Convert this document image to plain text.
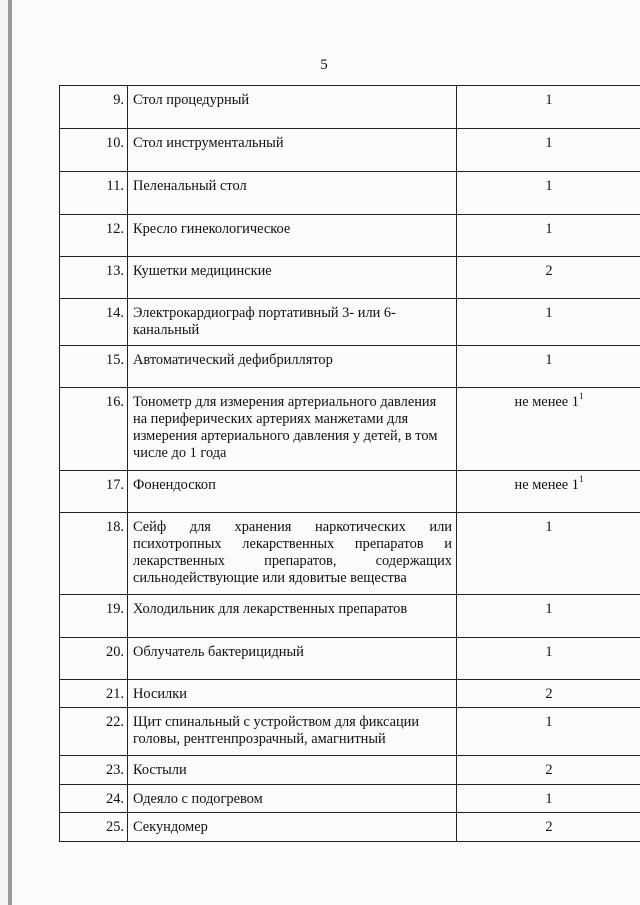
5
9.	Стол процедурный	1
10.	Стол инструментальный	1
11.	Пеленальный стол	1
12.	Кресло гинекологическое	1
13.	Кушетки медицинские	2
14.	Электрокардиограф портативный 3- или 6-канальный	1
15.	Автоматический дефибриллятор	1
16.	Тонометр для измерения артериального давления на периферических артериях манжетами для измерения артериального давления у детей, в том числе до 1 года	не менее $1^1$
17.	Фонендоскоп	не менее $1^1$
18.	Сейф для хранения наркотических или психотропных лекарственных препаратов и лекарственных препаратов, содержащих сильнодействующие или ядовитые вещества	1
19.	Холодильник для лекарственных препаратов	1
20.	Облучатель бактерицидный	1
21.	Носилки	2
22.	Щит спинальный с устройством для фиксации головы, рентгенпрозрачный, амагнитный	1
23.	Костыли	2
24.	Одеяло с подогревом	1
25.	Секундомер	2
